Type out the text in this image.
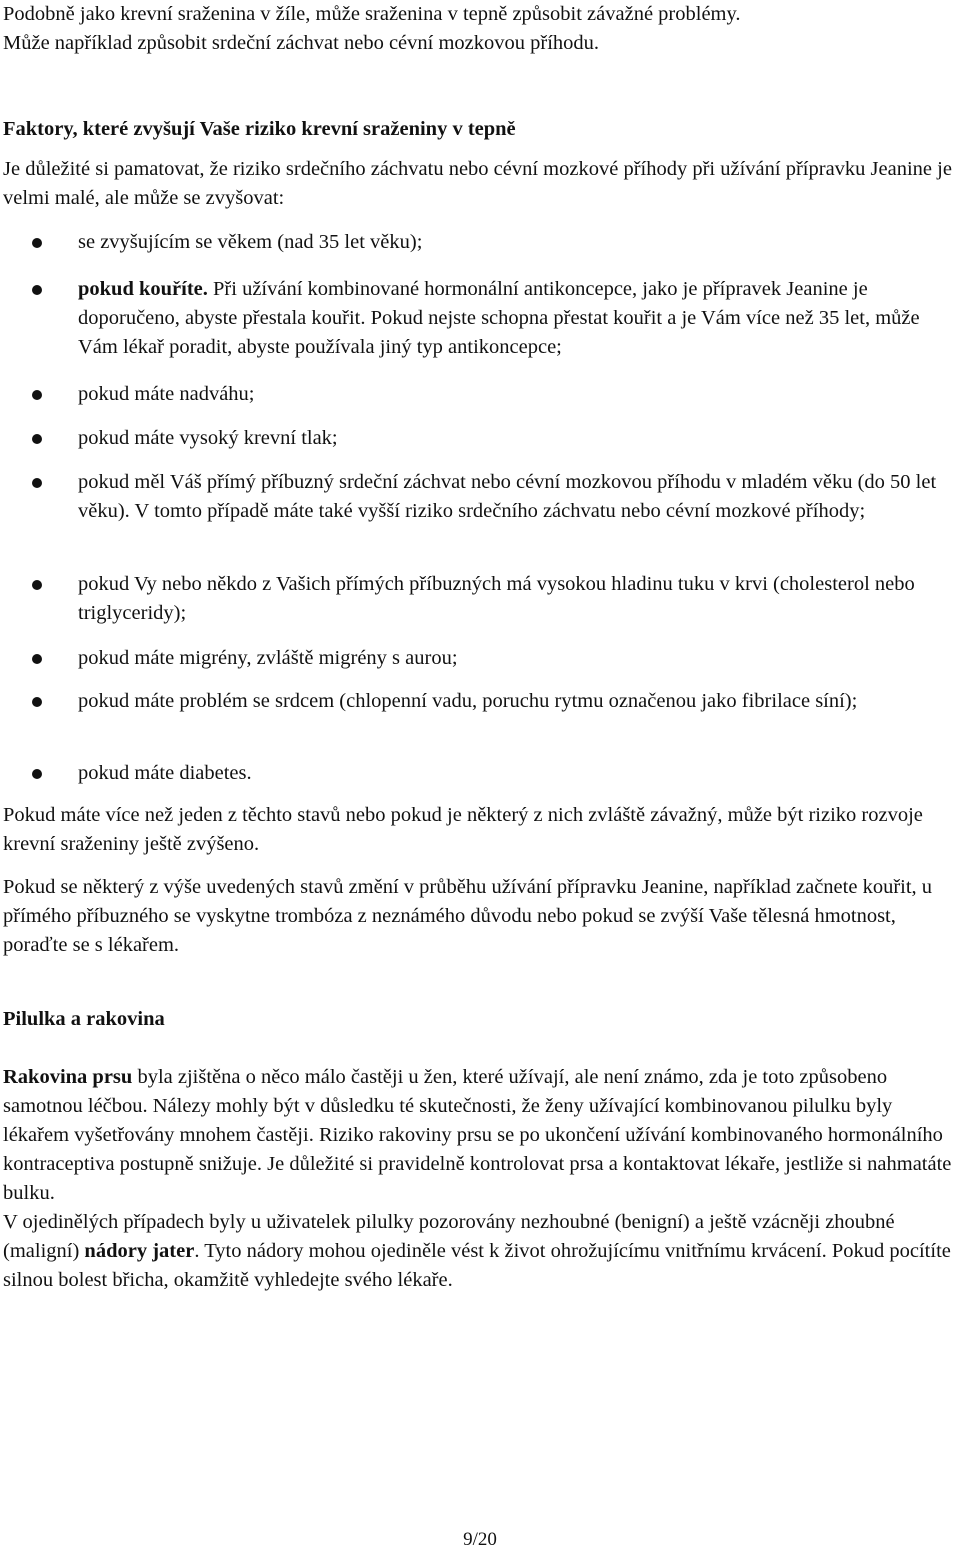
Podobně jako krevní sraženina v žíle, může sraženina v tepně způsobit závažné problémy.
Může například způsobit srdeční záchvat nebo cévní mozkovou příhodu.
Faktory, které zvyšují Vaše riziko krevní sraženiny v tepně
Je důležité si pamatovat, že riziko srdečního záchvatu nebo cévní mozkové příhody při užívání přípravku Jeanine je velmi malé, ale může se zvyšovat:
se zvyšujícím se věkem (nad 35 let věku);
pokud kouříte. Při užívání kombinované hormonální antikoncepce, jako je přípravek Jeanine je doporučeno, abyste přestala kouřit. Pokud nejste schopna přestat kouřit a je Vám více než 35 let, může Vám lékař poradit, abyste používala jiný typ antikoncepce;
pokud máte nadváhu;
pokud máte vysoký krevní tlak;
pokud měl Váš přímý příbuzný srdeční záchvat nebo cévní mozkovou příhodu v mladém věku (do 50 let věku). V tomto případě máte také vyšší riziko srdečního záchvatu nebo cévní mozkové příhody;
pokud Vy nebo někdo z Vašich přímých příbuzných má vysokou hladinu tuku v krvi (cholesterol nebo triglyceridy);
pokud máte migrény, zvláště migrény s aurou;
pokud máte problém se srdcem (chlopenní vadu, poruchu rytmu označenou jako fibrilace síní);
pokud máte diabetes.
Pokud máte více než jeden z těchto stavů nebo pokud je některý z nich zvláště závažný, může být riziko rozvoje krevní sraženiny ještě zvýšeno.
Pokud se některý z výše uvedených stavů změní v průběhu užívání přípravku Jeanine, například začnete kouřit, u přímého příbuzného se vyskytne trombóza z neznámého důvodu nebo pokud se zvýší Vaše tělesná hmotnost, poraďte se s lékařem.
Pilulka a rakovina
Rakovina prsu byla zjištěna o něco málo častěji u žen, které užívají, ale není známo, zda je toto způsobeno samotnou léčbou. Nálezy mohly být v důsledku té skutečnosti, že ženy užívající kombinovanou pilulku byly lékařem vyšetřovány mnohem častěji. Riziko rakoviny prsu se po ukončení užívání kombinovaného hormonálního kontraceptiva postupně snižuje. Je důležité si pravidelně kontrolovat prsa a kontaktovat lékaře, jestliže si nahmatáte bulku.
V ojedinělých případech byly u uživatelek pilulky pozorovány nezhoubné (benigní) a ještě vzácněji zhoubné (maligní) nádory jater. Tyto nádory mohou ojediněle vést k život ohrožujícímu vnitřnímu krvácení. Pokud pocítíte silnou bolest břicha, okamžitě vyhledejte svého lékaře.
9/20
